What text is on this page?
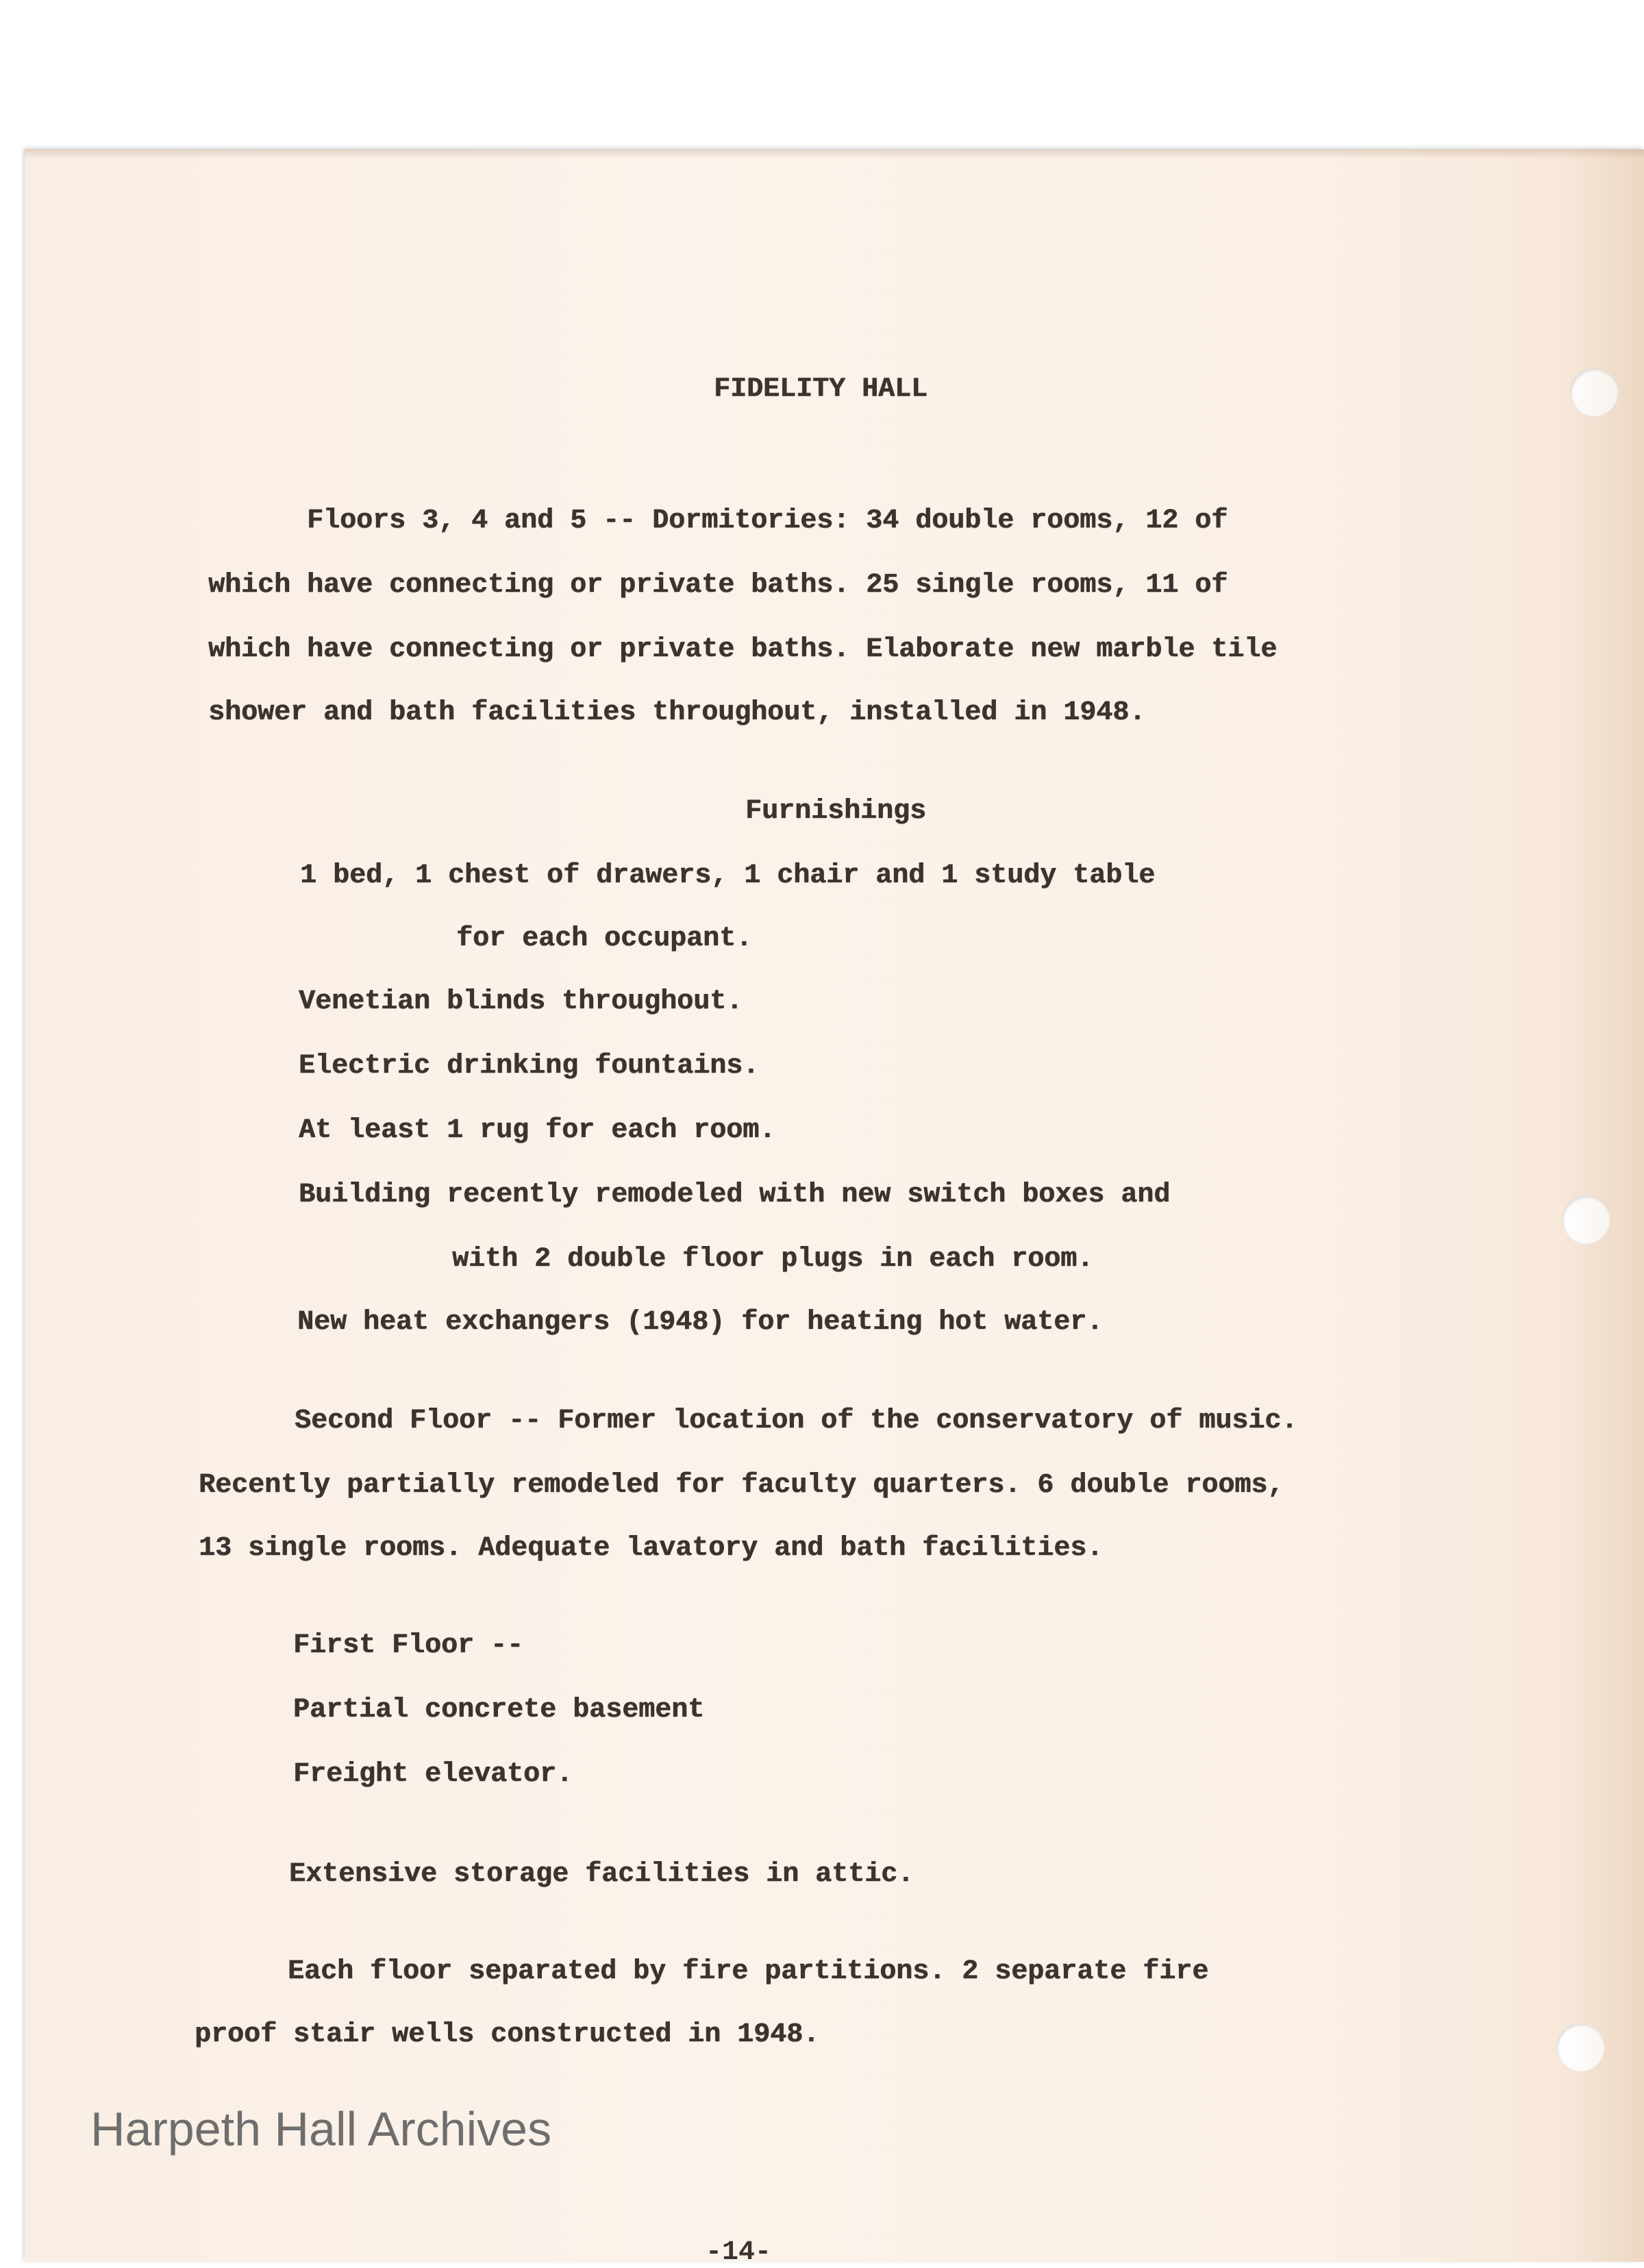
FIDELITY HALL
Floors 3, 4 and 5 -- Dormitories: 34 double rooms, 12 of
which have connecting or private baths. 25 single rooms, 11 of
which have connecting or private baths. Elaborate new marble tile
shower and bath facilities throughout, installed in 1948.
Furnishings
1 bed, 1 chest of drawers, 1 chair and 1 study table
for each occupant.
Venetian blinds throughout.
Electric drinking fountains.
At least 1 rug for each room.
Building recently remodeled with new switch boxes and
with 2 double floor plugs in each room.
New heat exchangers (1948) for heating hot water.
Second Floor -- Former location of the conservatory of music.
Recently partially remodeled for faculty quarters. 6 double rooms,
13 single rooms. Adequate lavatory and bath facilities.
First Floor --
Partial concrete basement
Freight elevator.
Extensive storage facilities in attic.
Each floor separated by fire partitions. 2 separate fire
proof stair wells constructed in 1948.
Harpeth Hall Archives
-14-
